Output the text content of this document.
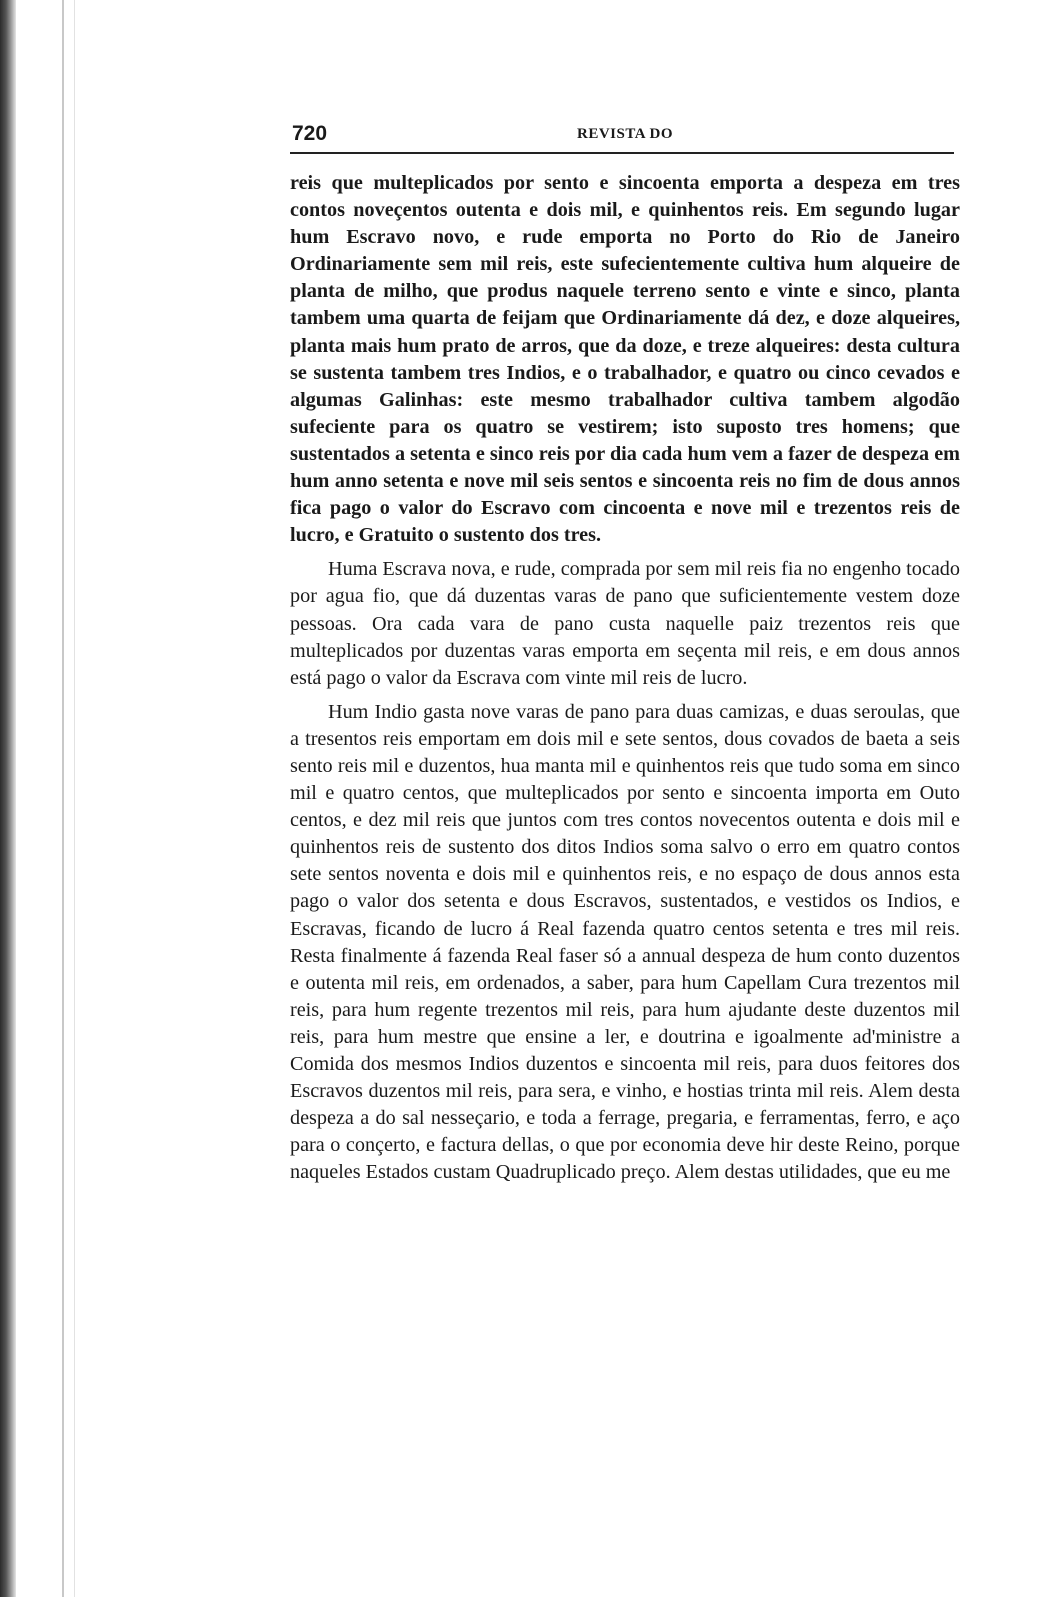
720	REVISTA DO

reis que multeplicados por sento e sincoenta emporta a despeza em tres contos noveçentos outenta e dois mil, e quinhentos reis. Em segundo lugar hum Escravo novo, e rude emporta no Porto do Rio de Janeiro Ordinariamente sem mil reis, este sufecientemente cultiva hum alqueire de planta de milho, que produs naquele terreno sento e vinte e sinco, planta tambem uma quarta de feijam que Ordinariamente dá dez, e doze alqueires, planta mais hum prato de arros, que da doze, e treze alqueires: desta cultura se sustenta tambem tres Indios, e o trabalhador, e quatro ou cinco cevados e algumas Galinhas: este mesmo trabalhador cultiva tambem algodão sufeciente para os quatro se vestirem; isto suposto tres homens; que sustentados a setenta e sinco reis por dia cada hum vem a fazer de despeza em hum anno setenta e nove mil seis sentos e sincoenta reis no fim de dous annos fica pago o valor do Escravo com cincoenta e nove mil e trezentos reis de lucro, e Gratuito o sustento dos tres.

Huma Escrava nova, e rude, comprada por sem mil reis fia no engenho tocado por agua fio, que dá duzentas varas de pano que suficientemente vestem doze pessoas. Ora cada vara de pano custa naquelle paiz trezentos reis que multeplicados por duzentas varas emporta em seçenta mil reis, e em dous annos está pago o valor da Escrava com vinte mil reis de lucro.

Hum Indio gasta nove varas de pano para duas camizas, e duas seroulas, que a tresentos reis emportam em dois mil e sete sentos, dous covados de baeta a seis sento reis mil e duzentos, hua manta mil e quinhentos reis que tudo soma em sinco mil e quatro centos, que multeplicados por sento e sincoenta importa em Outo centos, e dez mil reis que juntos com tres contos novecentos outenta e dois mil e quinhentos reis de sustento dos ditos Indios soma salvo o erro em quatro contos sete sentos noventa e dois mil e quinhentos reis, e no espaço de dous annos esta pago o valor dos setenta e dous Escravos, sustentados, e vestidos os Indios, e Escravas, ficando de lucro á Real fazenda quatro centos setenta e tres mil reis. Resta finalmente á fazenda Real faser só a annual despeza de hum conto duzentos e outenta mil reis, em ordenados, a saber, para hum Capellam Cura trezentos mil reis, para hum regente trezentos mil reis, para hum ajudante deste duzentos mil reis, para hum mestre que ensine a ler, e doutrina e igoalmente ad'ministre a Comida dos mesmos Indios duzentos e sincoenta mil reis, para duos feitores dos Escravos duzentos mil reis, para sera, e vinho, e hostias trinta mil reis. Alem desta despeza a do sal nesseçario, e toda a ferrage, pregaria, e ferramentas, ferro, e aço para o conçerto, e factura dellas, o que por economia deve hir deste Reino, porque naqueles Estados custam Quadruplicado preço. Alem destas utilidades, que eu me
